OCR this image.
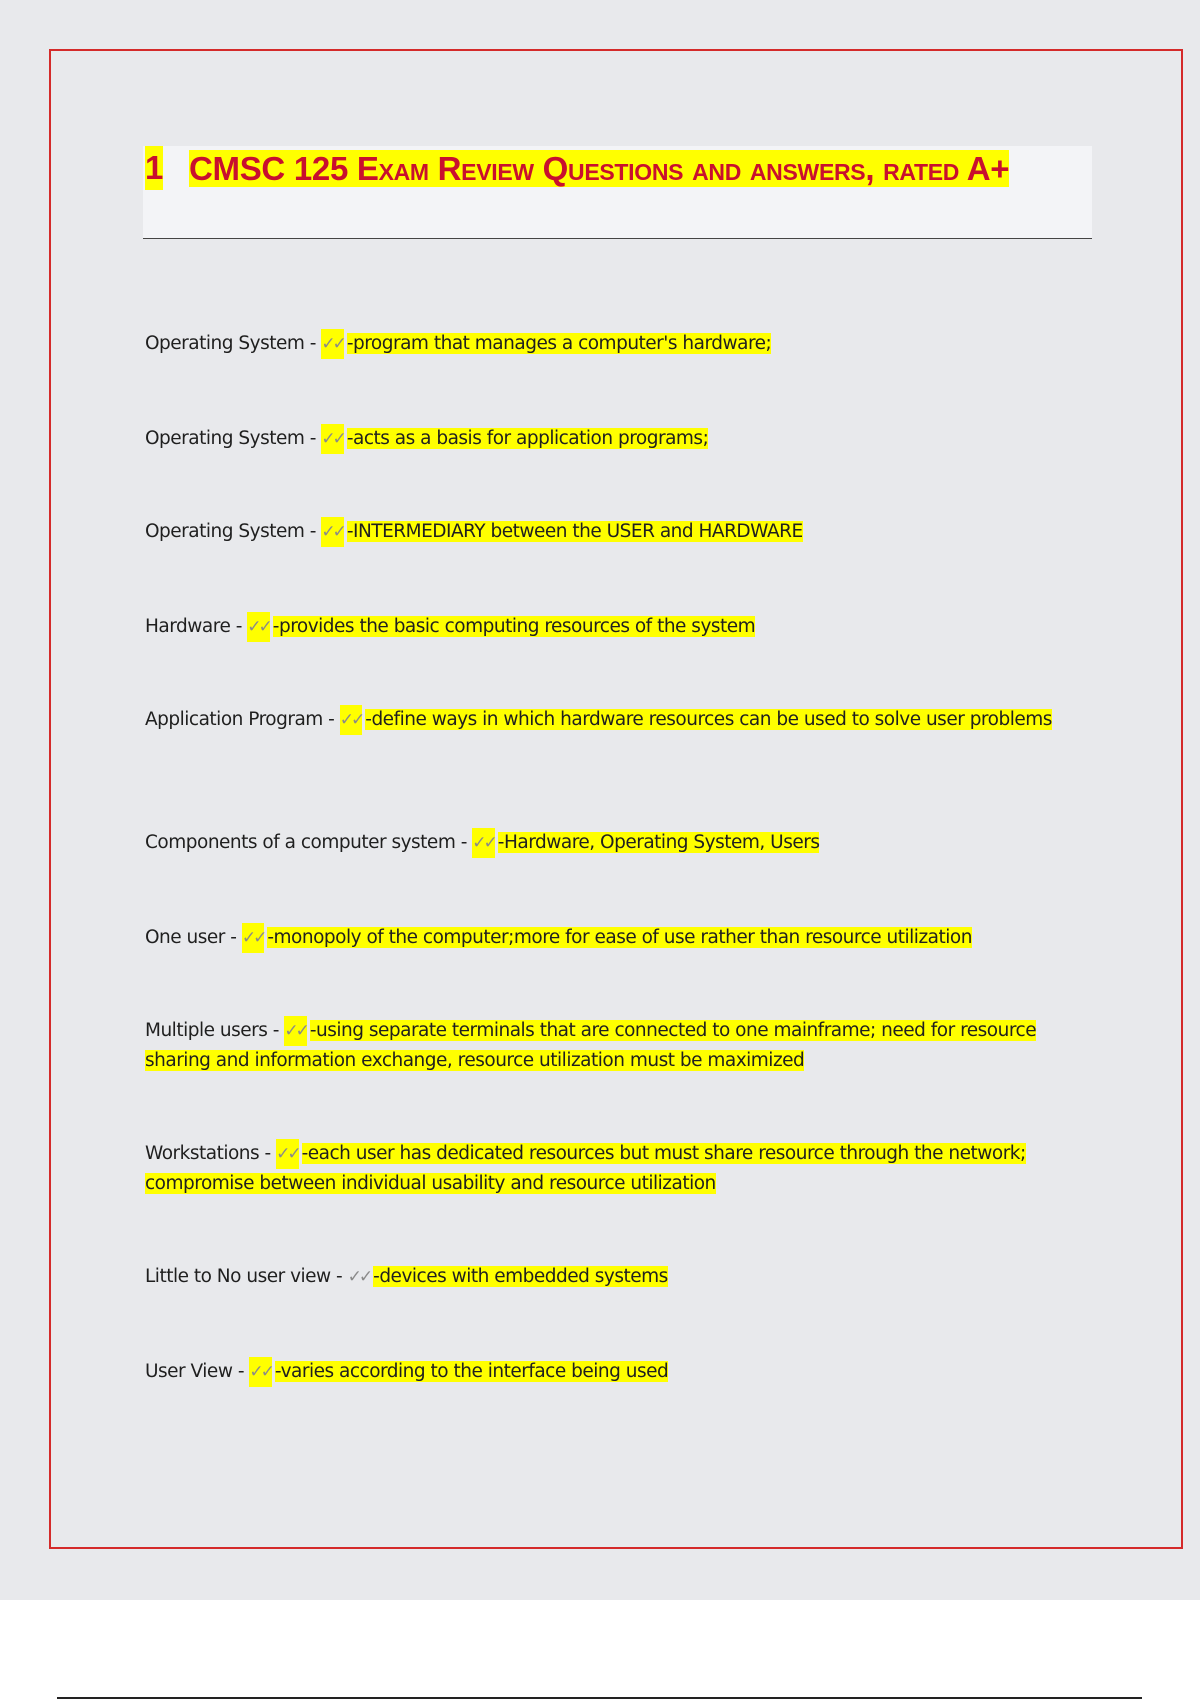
1 CMSC 125 Exam Review Questions and answers, rated A+
Operating System - ✓✓ -program that manages a computer's hardware;
Operating System - ✓✓ -acts as a basis for application programs;
Operating System - ✓✓ -INTERMEDIARY between the USER and HARDWARE
Hardware - ✓✓ -provides the basic computing resources of the system
Application Program - ✓✓ -define ways in which hardware resources can be used to solve user problems
Components of a computer system - ✓✓ -Hardware, Operating System, Users
One user - ✓✓ -monopoly of the computer;more for ease of use rather than resource utilization
Multiple users - ✓✓ -using separate terminals that are connected to one mainframe; need for resource sharing and information exchange, resource utilization must be maximized
Workstations - ✓✓ -each user has dedicated resources but must share resource through the network; compromise between individual usability and resource utilization
Little to No user view - ✓✓ -devices with embedded systems
User View - ✓✓ -varies according to the interface being used
